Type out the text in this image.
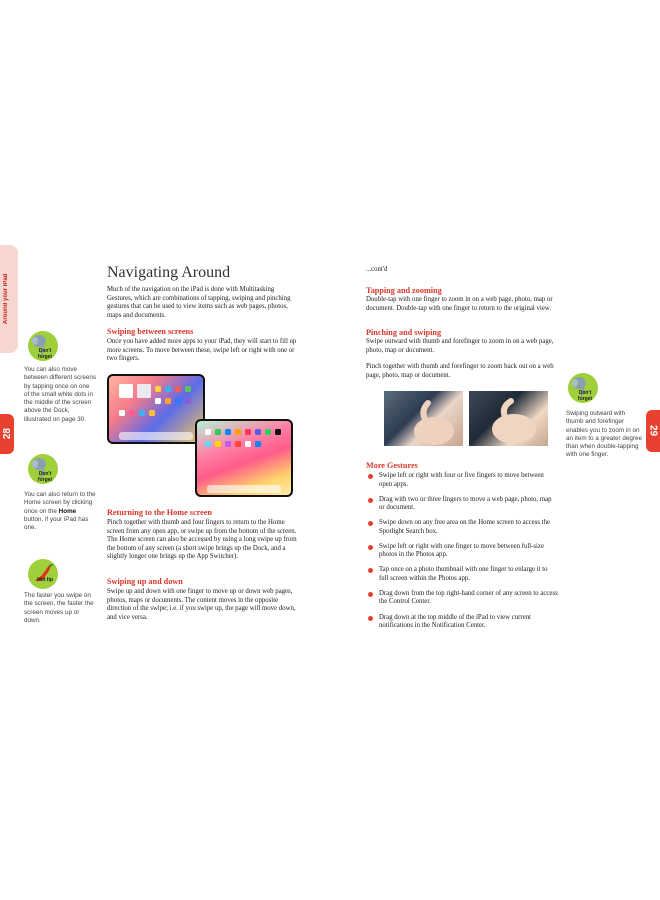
Around your iPad
28
Don't forget
You can also move between different screens by tapping once on one of the small white dots in the middle of the screen above the Dock, illustrated on page 30.
Don't forget
You can also return to the Home screen by clicking once on the Home button, if your iPad has one.
Hot tip
The faster you swipe on the screen, the faster the screen moves up or down.
Navigating Around
Much of the navigation on the iPad is done with Multitasking Gestures, which are combinations of tapping, swiping and pinching gestures that can be used to view items such as web pages, photos, maps and documents.
Swiping between screens
Once you have added more apps to your iPad, they will start to fill up more screens. To move between these, swipe left or right with one or two fingers.
Returning to the Home screen
Pinch together with thumb and four fingers to return to the Home screen from any open app, or swipe up from the bottom of the screen. The Home screen can also be accessed by using a long swipe up from the bottom of any screen (a short swipe brings up the Dock, and a slightly longer one brings up the App Switcher).
Swiping up and down
Swipe up and down with one finger to move up or down web pages, photos, maps or documents. The content moves in the opposite direction of the swipe; i.e. if you swipe up, the page will move down, and vice versa.
...cont'd
Tapping and zooming
Double-tap with one finger to zoom in on a web page, photo, map or document. Double-tap with one finger to return to the original view.
Pinching and swiping
Swipe outward with thumb and forefinger to zoom in on a web page, photo, map or document.
Pinch together with thumb and forefinger to zoom back out on a web page, photo, map or document.
More Gestures
Swipe left or right with four or five fingers to move between open apps.
Drag with two or three fingers to move a web page, photo, map or document.
Swipe down on any free area on the Home screen to access the Spotlight Search box.
Swipe left or right with one finger to move between full-size photos in the Photos app.
Tap once on a photo thumbnail with one finger to enlarge it to full screen within the Photos app.
Drag down from the top right-hand corner of any screen to access the Control Center.
Drag down at the top middle of the iPad to view current notifications in the Notification Center.
Don't forget
Swiping outward with thumb and forefinger enables you to zoom in on an item to a greater degree than when double-tapping with one finger.
29
